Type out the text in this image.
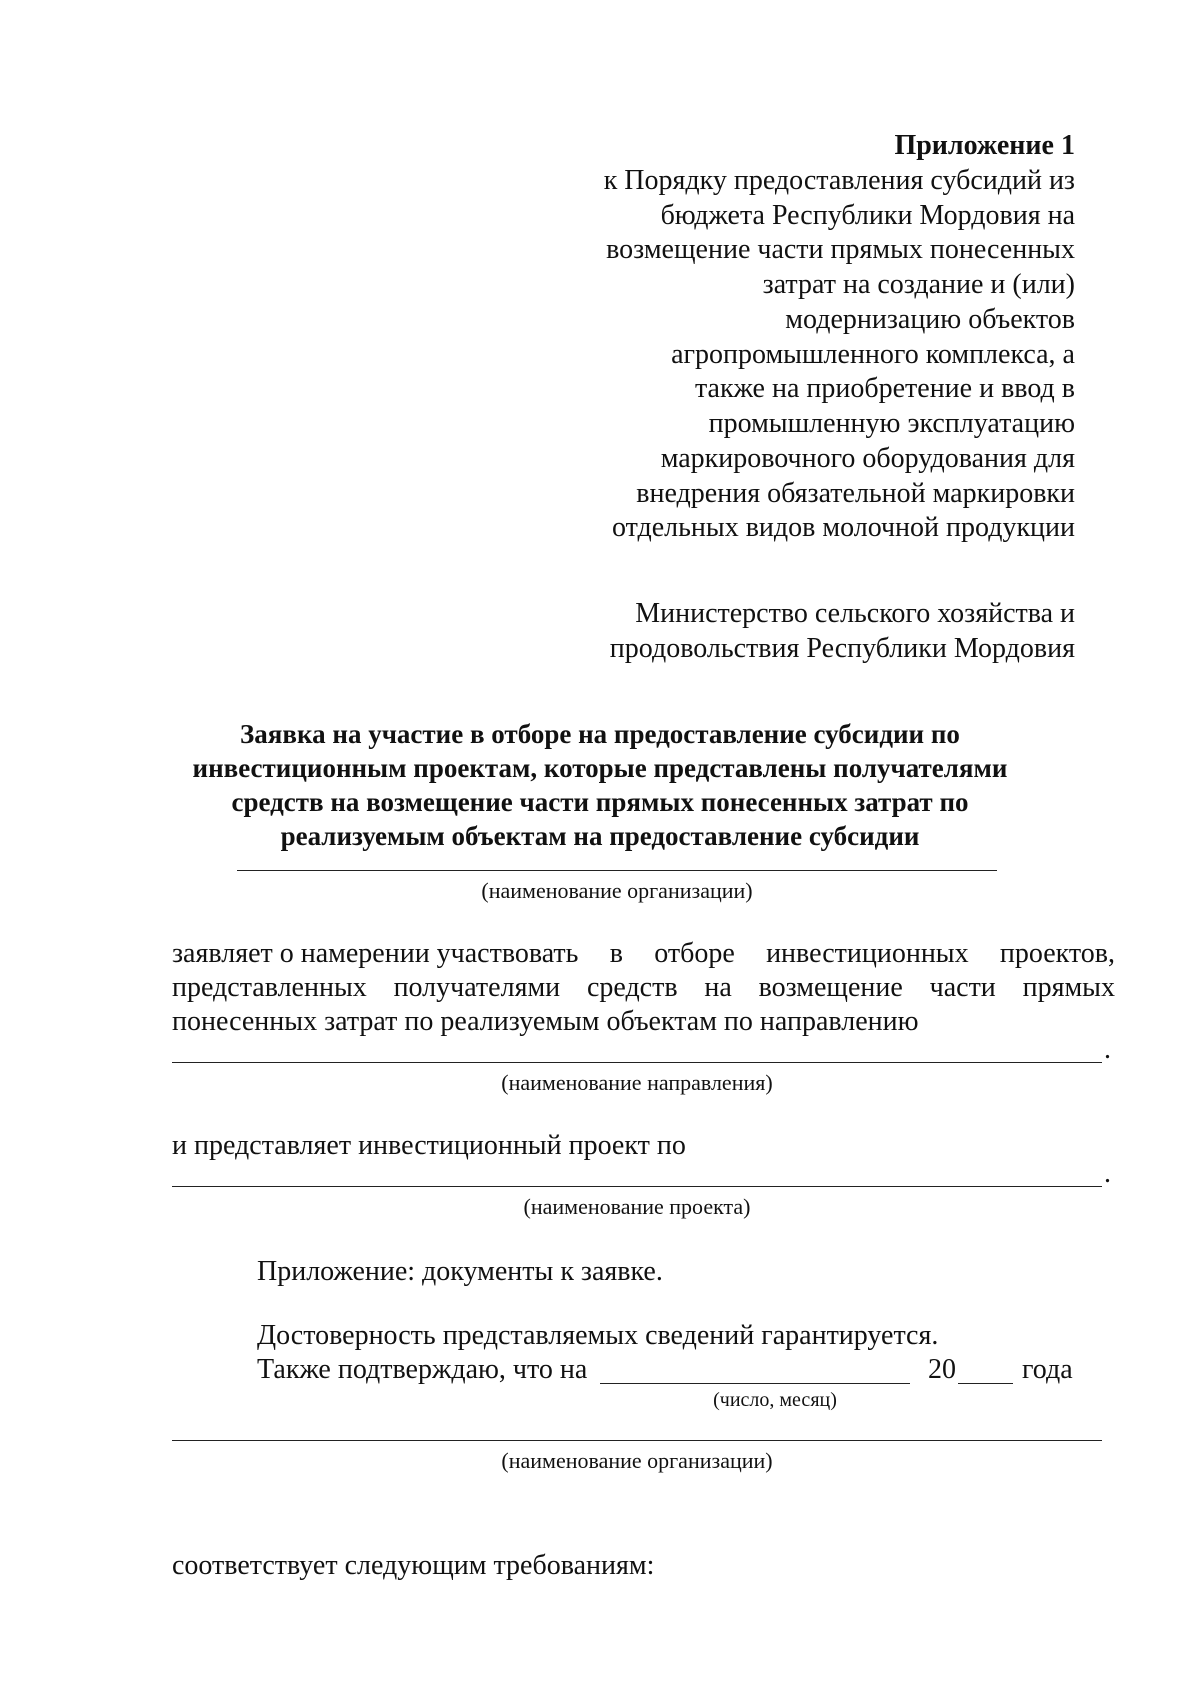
Приложение 1
к Порядку предоставления субсидий из
бюджета Республики Мордовия на
возмещение части прямых понесенных
затрат на создание и (или)
модернизацию объектов
агропромышленного комплекса, а
также на приобретение и ввод в
промышленную эксплуатацию
маркировочного оборудования для
внедрения обязательной маркировки
отдельных видов молочной продукции
Министерство сельского хозяйства и
продовольствия Республики Мордовия
Заявка на участие в отборе на предоставление субсидии по
инвестиционным проектам, которые представлены получателями
средств на возмещение части прямых понесенных затрат по
реализуемым объектам на предоставление субсидии
(наименование организации)
заявляет о намерении участвовать в отборе инвестиционных проектов,
представленных получателями средств на возмещение части прямых
понесенных затрат по реализуемым объектам по направлению
.
(наименование направления)
и представляет инвестиционный проект по
.
(наименование проекта)
Приложение: документы к заявке.
Достоверность представляемых сведений гарантируется.
Также подтверждаю, что на	20 года
(число, месяц)
(наименование организации)
соответствует следующим требованиям:
